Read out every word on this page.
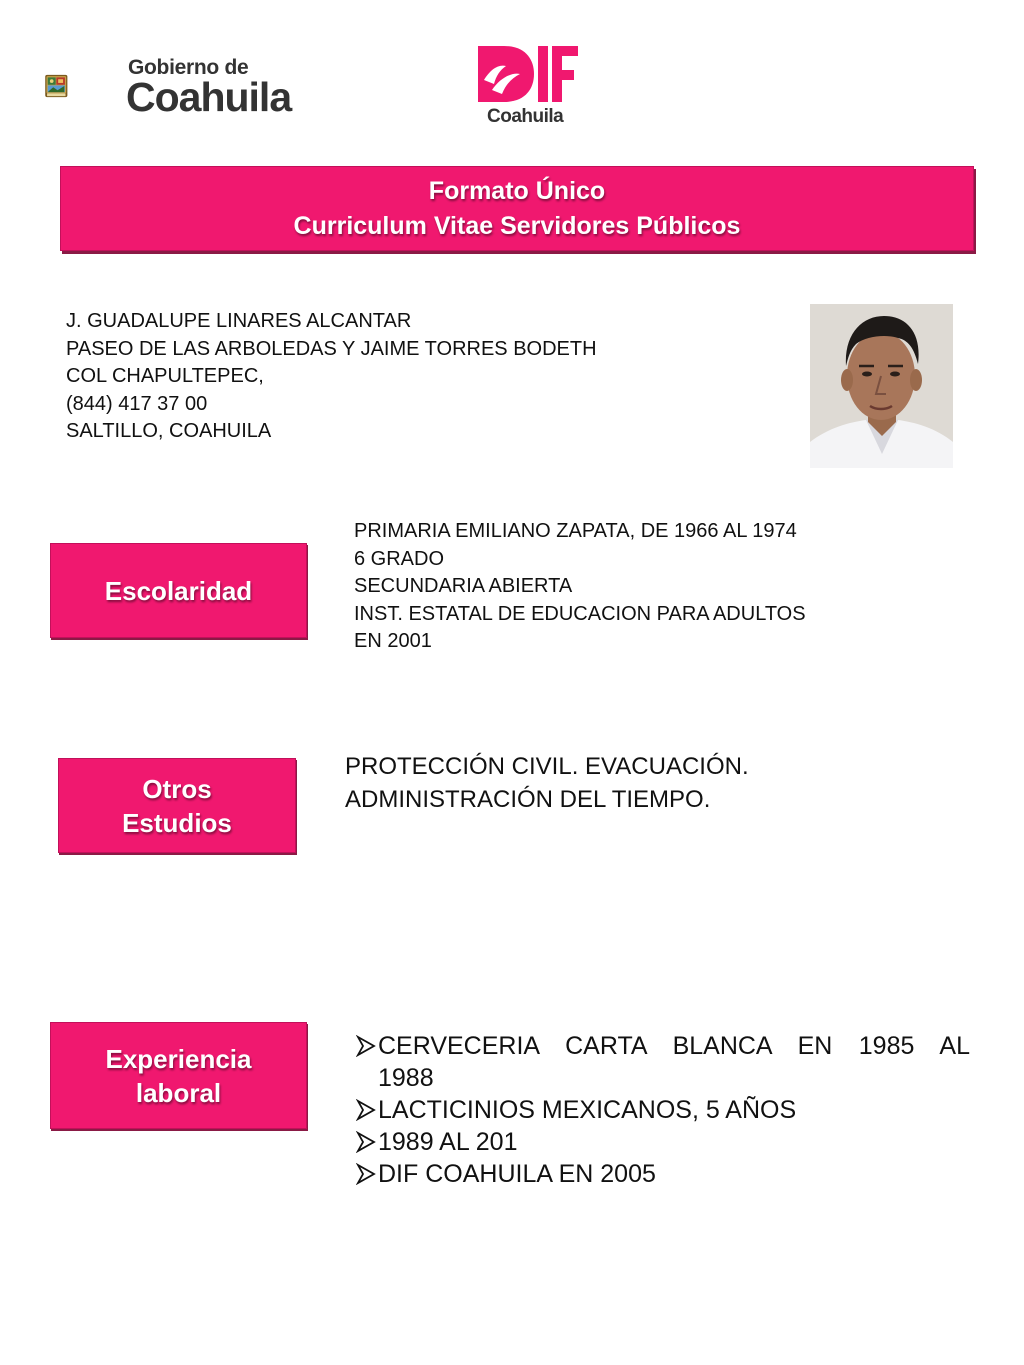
Gobierno de
Coahuila	Coahuila
Formato Único
Curriculum Vitae Servidores Públicos
J. GUADALUPE LINARES ALCANTAR
PASEO DE LAS ARBOLEDAS Y JAIME TORRES BODETH
COL CHAPULTEPEC,
(844) 417 37 00
SALTILLO, COAHUILA
Escolaridad
PRIMARIA EMILIANO ZAPATA, DE 1966 AL 1974
6 GRADO
SECUNDARIA ABIERTA
INST. ESTATAL DE EDUCACION PARA ADULTOS
EN 2001
Otros
Estudios
PROTECCIÓN CIVIL. EVACUACIÓN.
ADMINISTRACIÓN DEL TIEMPO.
Experiencia
laboral
CERVECERIA CARTA BLANCA EN 1985 AL
1988
LACTICINIOS MEXICANOS, 5 AÑOS
1989 AL 201
DIF COAHUILA EN 2005
